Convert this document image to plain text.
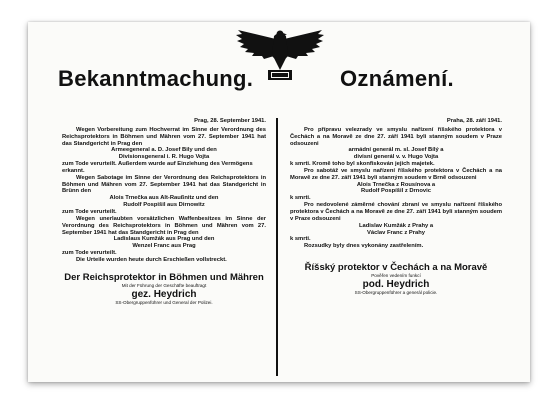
Bekanntmachung.	Oznámení.

Prag, 28. September 1941.

Wegen Vorbereitung zum Hochverrat im Sinne der Verordnung des Reichsprotektors in Böhmen und Mähren vom 27. September 1941 hat das Standgericht in Prag den

Armeegeneral a. D. Josef Bily und den

Divisionsgeneral i. R. Hugo Vojta

zum Tode verurteilt. Außerdem wurde auf Einziehung des Vermögens erkannt.

Wegen Sabotage im Sinne der Verordnung des Reichsprotektors in Böhmen und Mähren vom 27. September 1941 hat das Standgericht in Brünn den

Alois Trnečka aus Alt-Raußnitz und den

Rudolf Pospišil aus Dirnowitz

zum Tode verurteilt.

Wegen unerlaubten vorsätzlichen Waffenbesitzes im Sinne der Verordnung des Reichsprotektors in Böhmen und Mähren vom 27. September 1941 hat das Standgericht in Prag den

Ladislaus Kumžák aus Prag und den

Wenzel Franc aus Prag

zum Tode verurteilt.

Die Urteile wurden heute durch Erschießen vollstreckt.

Der Reichsprotektor in Böhmen und Mähren

Mit der Führung der Geschäfte beauftragt

gez. Heydrich

SS-Obergruppenführer und General der Polizei.

Praha, 28. září 1941.

Pro přípravu velezrady ve smyslu nařízení říšského protektora v Čechách a na Moravě ze dne 27. září 1941 byli stanným soudem v Praze odsouzeni

armádní generál m. sl. Josef Bílý a

divisní generál v. v. Hugo Vojta

k smrti. Kromě toho byl skonfiskován jejich majetek.

Pro sabotáž ve smyslu nařízení říšského protektora v Čechách a na Moravě ze dne 27. září 1941 byli stanným soudem v Brně odsouzeni

Alois Trnečka z Rousínova a

Rudolf Pospíšil z Drnovic

k smrti.

Pro nedovolené záměrné chování zbraní ve smyslu nařízení říšského protektora v Čechách a na Moravě ze dne 27. září 1941 byli stanným soudem v Praze odsouzeni

Ladislav Kumžák z Prahy a

Václav Franc z Prahy

k smrti.

Rozsudky byly dnes vykonány zastřelením.

Říšský protektor v Čechách a na Moravě

Pověřen vedením funkcí

pod. Heydrich

SS-Obergruppenführer a generál policie.
